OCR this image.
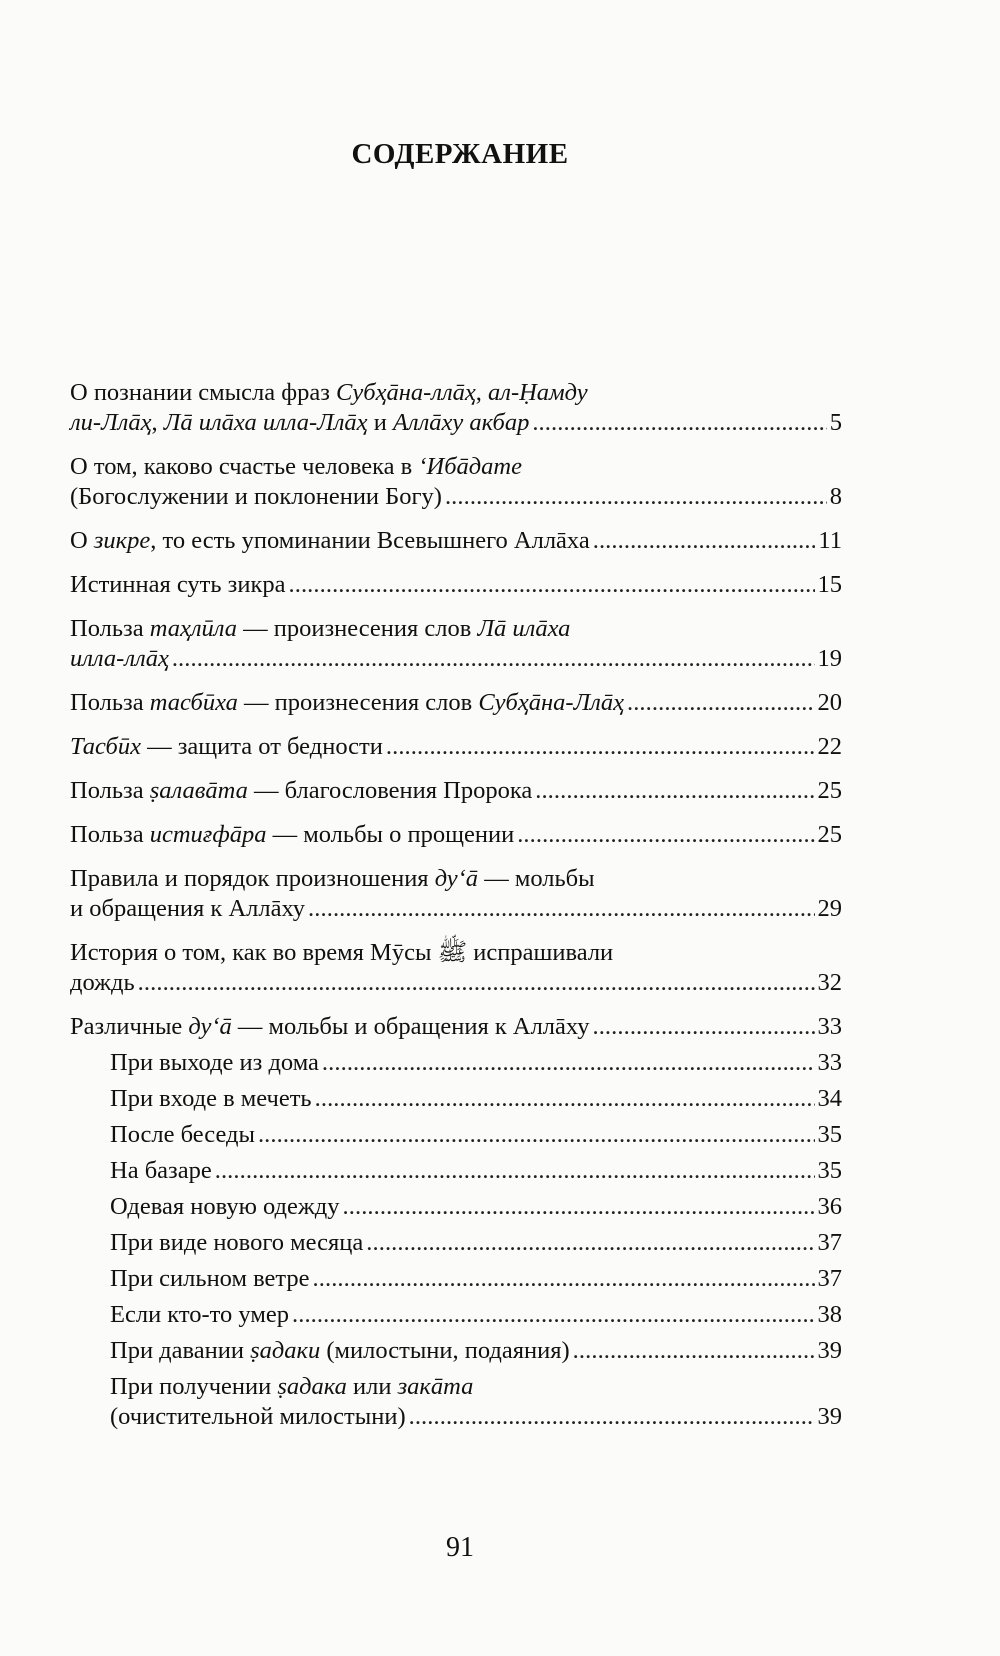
СОДЕРЖАНИЕ
О познании смысла фраз Субҳāна-ллāҳ, ал-Ḥамду
ли-Ллāҳ, Лā илāха илла-Ллāҳ и Аллāху акбар .....	5
О том, каково счастье человека в ‘Ибāдате
(Богослужении и поклонении Богу) .....	8
О зикре, то есть упоминании Всевышнего Аллāха .....	11
Истинная суть зикра .....	15
Польза таҳлūла — произнесения слов Лā илāха
илла-ллāҳ .....	19
Польза тасбūха — произнесения слов Субҳāна-Ллāҳ .....	20
Тасбūх — защита от бедности .....	22
Польза ṣалавāта — благословения Пророка .....	25
Польза истиғфāра — мольбы о прощении .....	25
Правила и порядок произношения ду‘ā — мольбы
и обращения к Аллāху .....	29
История о том, как во время Мӯсы ﷺ испрашивали
дождь .....	32
Различные ду‘ā — мольбы и обращения к Аллāху .....	33
При выходе из дома .....	33
При входе в мечеть .....	34
После беседы .....	35
На базаре .....	35
Одевая новую одежду .....	36
При виде нового месяца .....	37
При сильном ветре .....	37
Если кто-то умер .....	38
При давании ṣадаки (милостыни, подаяния) .....	39
При получении ṣадака или закāта
(очистительной милостыни) .....	39
91
